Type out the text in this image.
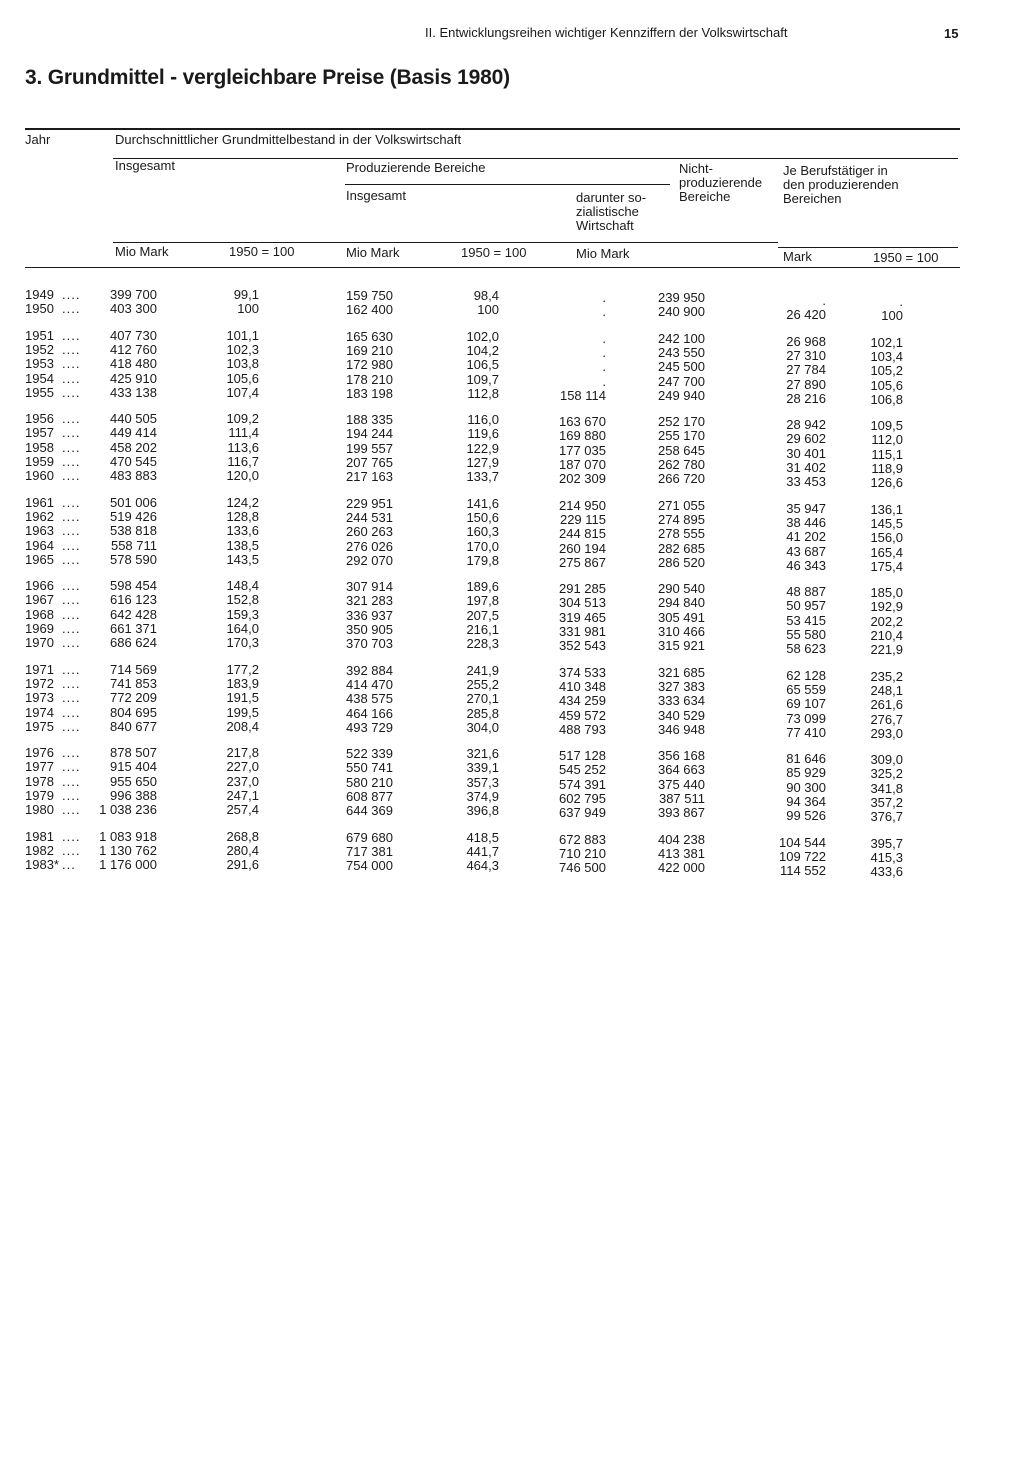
II. Entwicklungsreihen wichtiger Kennziffern der Volkswirtschaft	15
3. Grundmittel - vergleichbare Preise (Basis 1980)
Jahr	Durchschnittlicher Grundmittelbestand in der Volkswirtschaft
Insgesamt	Produzierende Bereiche
Insgesamt	darunter so-
zialistische
Wirtschaft
Nicht-
produzierende
Bereiche
Je Berufstätiger in
den produzierenden
Bereichen
Mio Mark	1950 = 100	Mio Mark	1950 = 100	Mio Mark	Mark	1950 = 100
1949 .... 399 700	99,1	159 750	98,4	.	239 950	.	.
1950 .... 403 300	100	162 400	100	.	240 900	26 420	100
1951 .... 407 730	101,1	165 630	102,0	.	242 100	26 968	102,1
1952 .... 412 760	102,3	169 210	104,2	.	243 550	27 310	103,4
1953 .... 418 480	103,8	172 980	106,5	.	245 500	27 784	105,2
1954 .... 425 910	105,6	178 210	109,7	.	247 700	27 890	105,6
1955 .... 433 138	107,4	183 198	112,8	158 114	249 940	28 216	106,8
1956 .... 440 505	109,2	188 335	116,0	163 670	252 170	28 942	109,5
1957 .... 449 414	111,4	194 244	119,6	169 880	255 170	29 602	112,0
1958 .... 458 202	113,6	199 557	122,9	177 035	258 645	30 401	115,1
1959 .... 470 545	116,7	207 765	127,9	187 070	262 780	31 402	118,9
1960 .... 483 883	120,0	217 163	133,7	202 309	266 720	33 453	126,6
1961 .... 501 006	124,2	229 951	141,6	214 950	271 055	35 947	136,1
1962 .... 519 426	128,8	244 531	150,6	229 115	274 895	38 446	145,5
1963 .... 538 818	133,6	260 263	160,3	244 815	278 555	41 202	156,0
1964 .... 558 711	138,5	276 026	170,0	260 194	282 685	43 687	165,4
1965 .... 578 590	143,5	292 070	179,8	275 867	286 520	46 343	175,4
1966 .... 598 454	148,4	307 914	189,6	291 285	290 540	48 887	185,0
1967 .... 616 123	152,8	321 283	197,8	304 513	294 840	50 957	192,9
1968 .... 642 428	159,3	336 937	207,5	319 465	305 491	53 415	202,2
1969 .... 661 371	164,0	350 905	216,1	331 981	310 466	55 580	210,4
1970 .... 686 624	170,3	370 703	228,3	352 543	315 921	58 623	221,9
1971 .... 714 569	177,2	392 884	241,9	374 533	321 685	62 128	235,2
1972 .... 741 853	183,9	414 470	255,2	410 348	327 383	65 559	248,1
1973 .... 772 209	191,5	438 575	270,1	434 259	333 634	69 107	261,6
1974 .... 804 695	199,5	464 166	285,8	459 572	340 529	73 099	276,7
1975 .... 840 677	208,4	493 729	304,0	488 793	346 948	77 410	293,0
1976 .... 878 507	217,8	522 339	321,6	517 128	356 168	81 646	309,0
1977 .... 915 404	227,0	550 741	339,1	545 252	364 663	85 929	325,2
1978 .... 955 650	237,0	580 210	357,3	574 391	375 440	90 300	341,8
1979 .... 996 388	247,1	608 877	374,9	602 795	387 511	94 364	357,2
1980 .... 1 038 236	257,4	644 369	396,8	637 949	393 867	99 526	376,7
1981 .... 1 083 918	268,8	679 680	418,5	672 883	404 238	104 544	395,7
1982 .... 1 130 762	280,4	717 381	441,7	710 210	413 381	109 722	415,3
1983* ... 1 176 000	291,6	754 000	464,3	746 500	422 000	114 552	433,6
